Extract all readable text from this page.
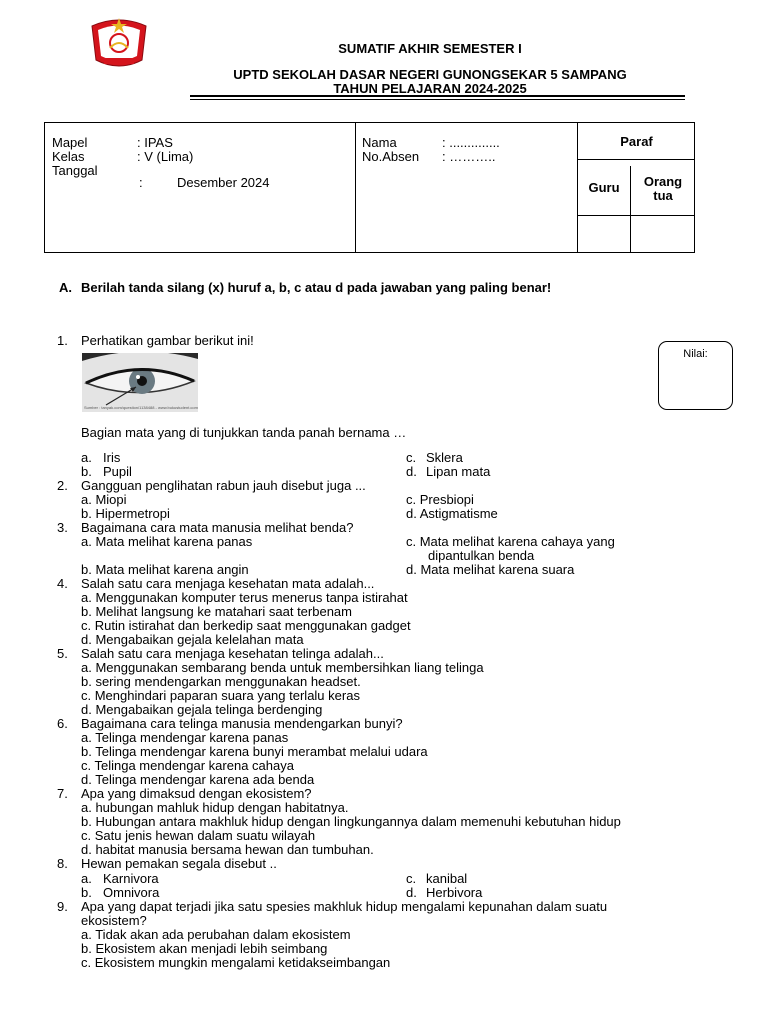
SUMATIF AKHIR SEMESTER I
UPTD SEKOLAH DASAR NEGERI GUNONGSEKAR 5 SAMPANG
TAHUN PELAJARAN 2024-2025
Mapel	: IPAS
Kelas	: V (Lima)
Tanggal
:	Desember 2024
Nama	: ..............
No.Absen : ………..
Paraf
Guru	Orang
tua
A. Berilah tanda silang (x) huruf a, b, c atau d pada jawaban yang paling benar!
Nilai:
1. Perhatikan gambar berikut ini!
Sumber : tanyak.com/question/1138488 - www.bukustudent.com
Bagian mata yang di tunjukkan tanda panah bernama …
a. Iris
b. Pupil
c. Sklera
d. Lipan mata
2. Gangguan penglihatan rabun jauh disebut juga ...
a. Miopi
b. Hipermetropi
c. Presbiopi
d. Astigmatisme
3. Bagaimana cara mata manusia melihat benda?
a. Mata melihat karena panas	c. Mata melihat karena cahaya yang
dipantulkan benda
b. Mata melihat karena angin	d. Mata melihat karena suara
4. Salah satu cara menjaga kesehatan mata adalah...
a. Menggunakan komputer terus menerus tanpa istirahat
b. Melihat langsung ke matahari saat terbenam
c. Rutin istirahat dan berkedip saat menggunakan gadget
d. Mengabaikan gejala kelelahan mata
5. Salah satu cara menjaga kesehatan telinga adalah...
a. Menggunakan sembarang benda untuk membersihkan liang telinga
b. sering mendengarkan menggunakan headset.
c. Menghindari paparan suara yang terlalu keras
d. Mengabaikan gejala telinga berdenging
6. Bagaimana cara telinga manusia mendengarkan bunyi?
a. Telinga mendengar karena panas
b. Telinga mendengar karena bunyi merambat melalui udara
c. Telinga mendengar karena cahaya
d. Telinga mendengar karena ada benda
7. Apa yang dimaksud dengan ekosistem?
a. hubungan mahluk hidup dengan habitatnya.
b. Hubungan antara makhluk hidup dengan lingkungannya dalam memenuhi kebutuhan hidup
c. Satu jenis hewan dalam suatu wilayah
d. habitat manusia bersama hewan dan tumbuhan.
8. Hewan pemakan segala disebut ..
a. Karnivora
b. Omnivora
c. kanibal
d. Herbivora
9. Apa yang dapat terjadi jika satu spesies makhluk hidup mengalami kepunahan dalam suatu
ekosistem?
a. Tidak akan ada perubahan dalam ekosistem
b. Ekosistem akan menjadi lebih seimbang
c. Ekosistem mungkin mengalami ketidakseimbangan
